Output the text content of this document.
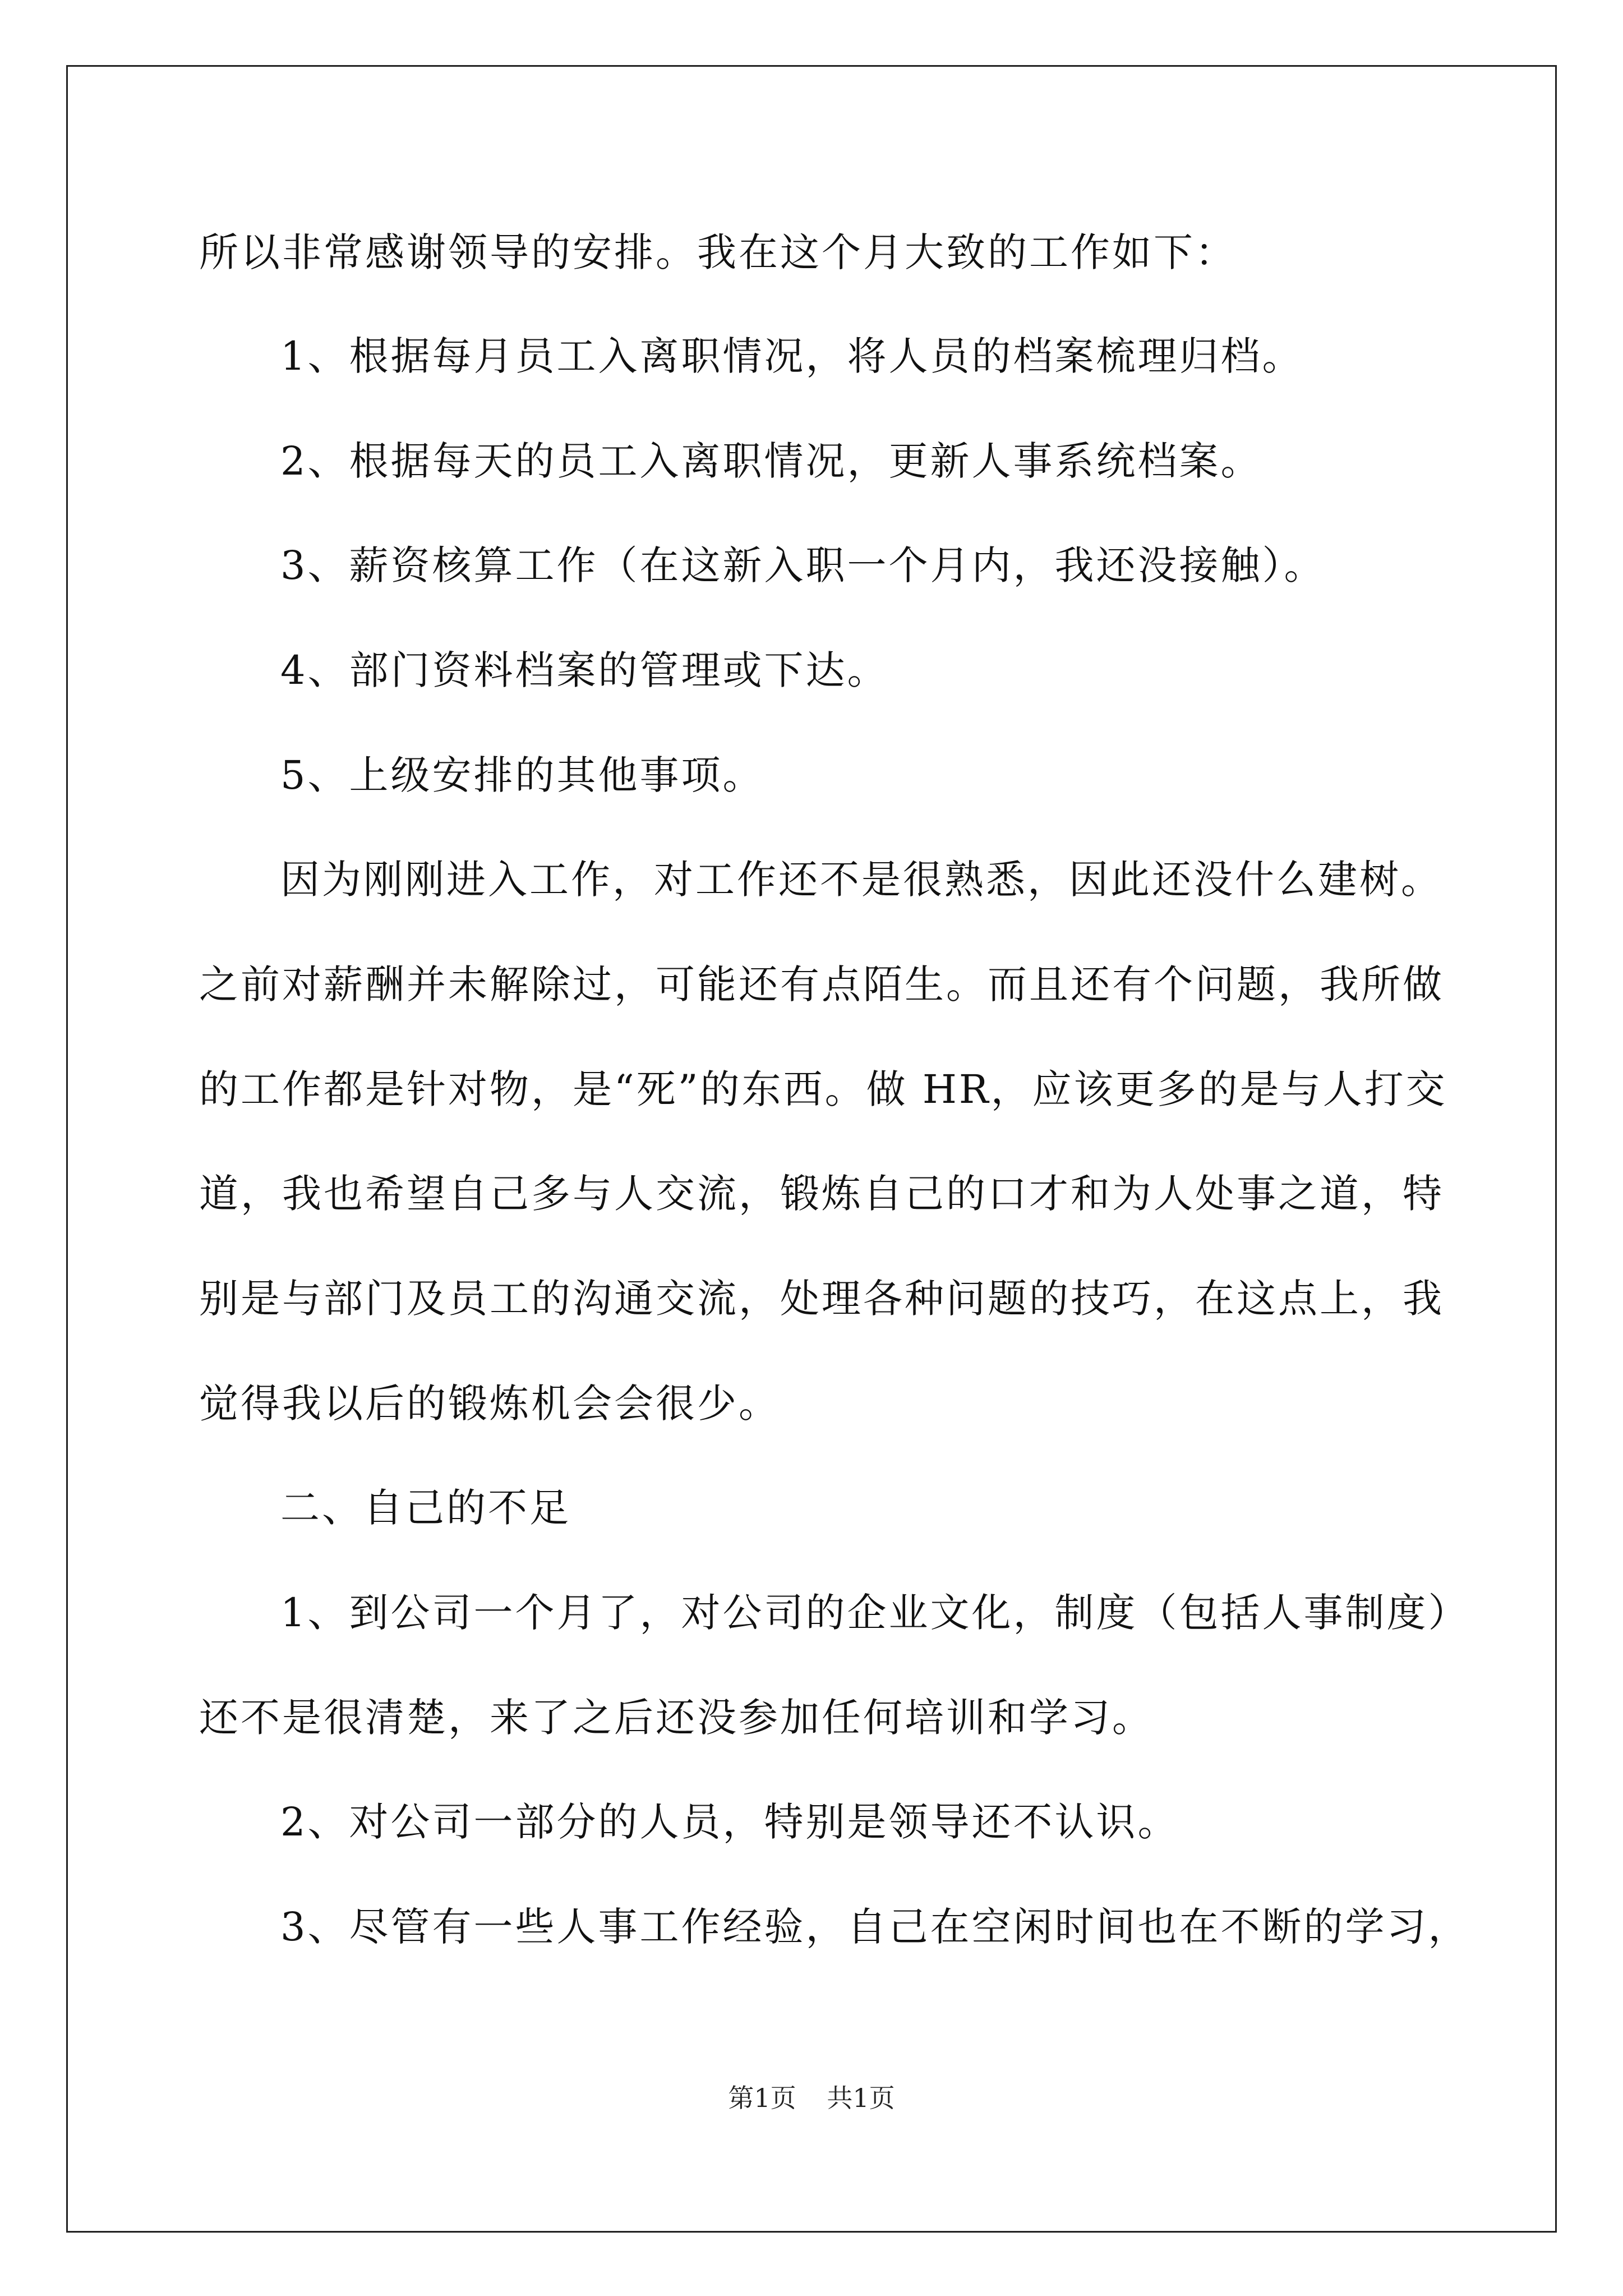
所以非常感谢领导的安排。我在这个月大致的工作如下：
1、根据每月员工入离职情况，将人员的档案梳理归档。
2、根据每天的员工入离职情况，更新人事系统档案。
3、薪资核算工作（在这新入职一个月内，我还没接触）。
4、部门资料档案的管理或下达。
5、上级安排的其他事项。
因为刚刚进入工作，对工作还不是很熟悉，因此还没什么建树。
之前对薪酬并未解除过，可能还有点陌生。而且还有个问题，我所做
的工作都是针对物，是“死”的东西。做 HR，应该更多的是与人打交
道，我也希望自己多与人交流，锻炼自己的口才和为人处事之道，特
别是与部门及员工的沟通交流，处理各种问题的技巧，在这点上，我
觉得我以后的锻炼机会会很少。
二、自己的不足
1、到公司一个月了，对公司的企业文化，制度（包括人事制度）
还不是很清楚，来了之后还没参加任何培训和学习。
2、对公司一部分的人员，特别是领导还不认识。
3、尽管有一些人事工作经验，自己在空闲时间也在不断的学习，
第1页 共1页
